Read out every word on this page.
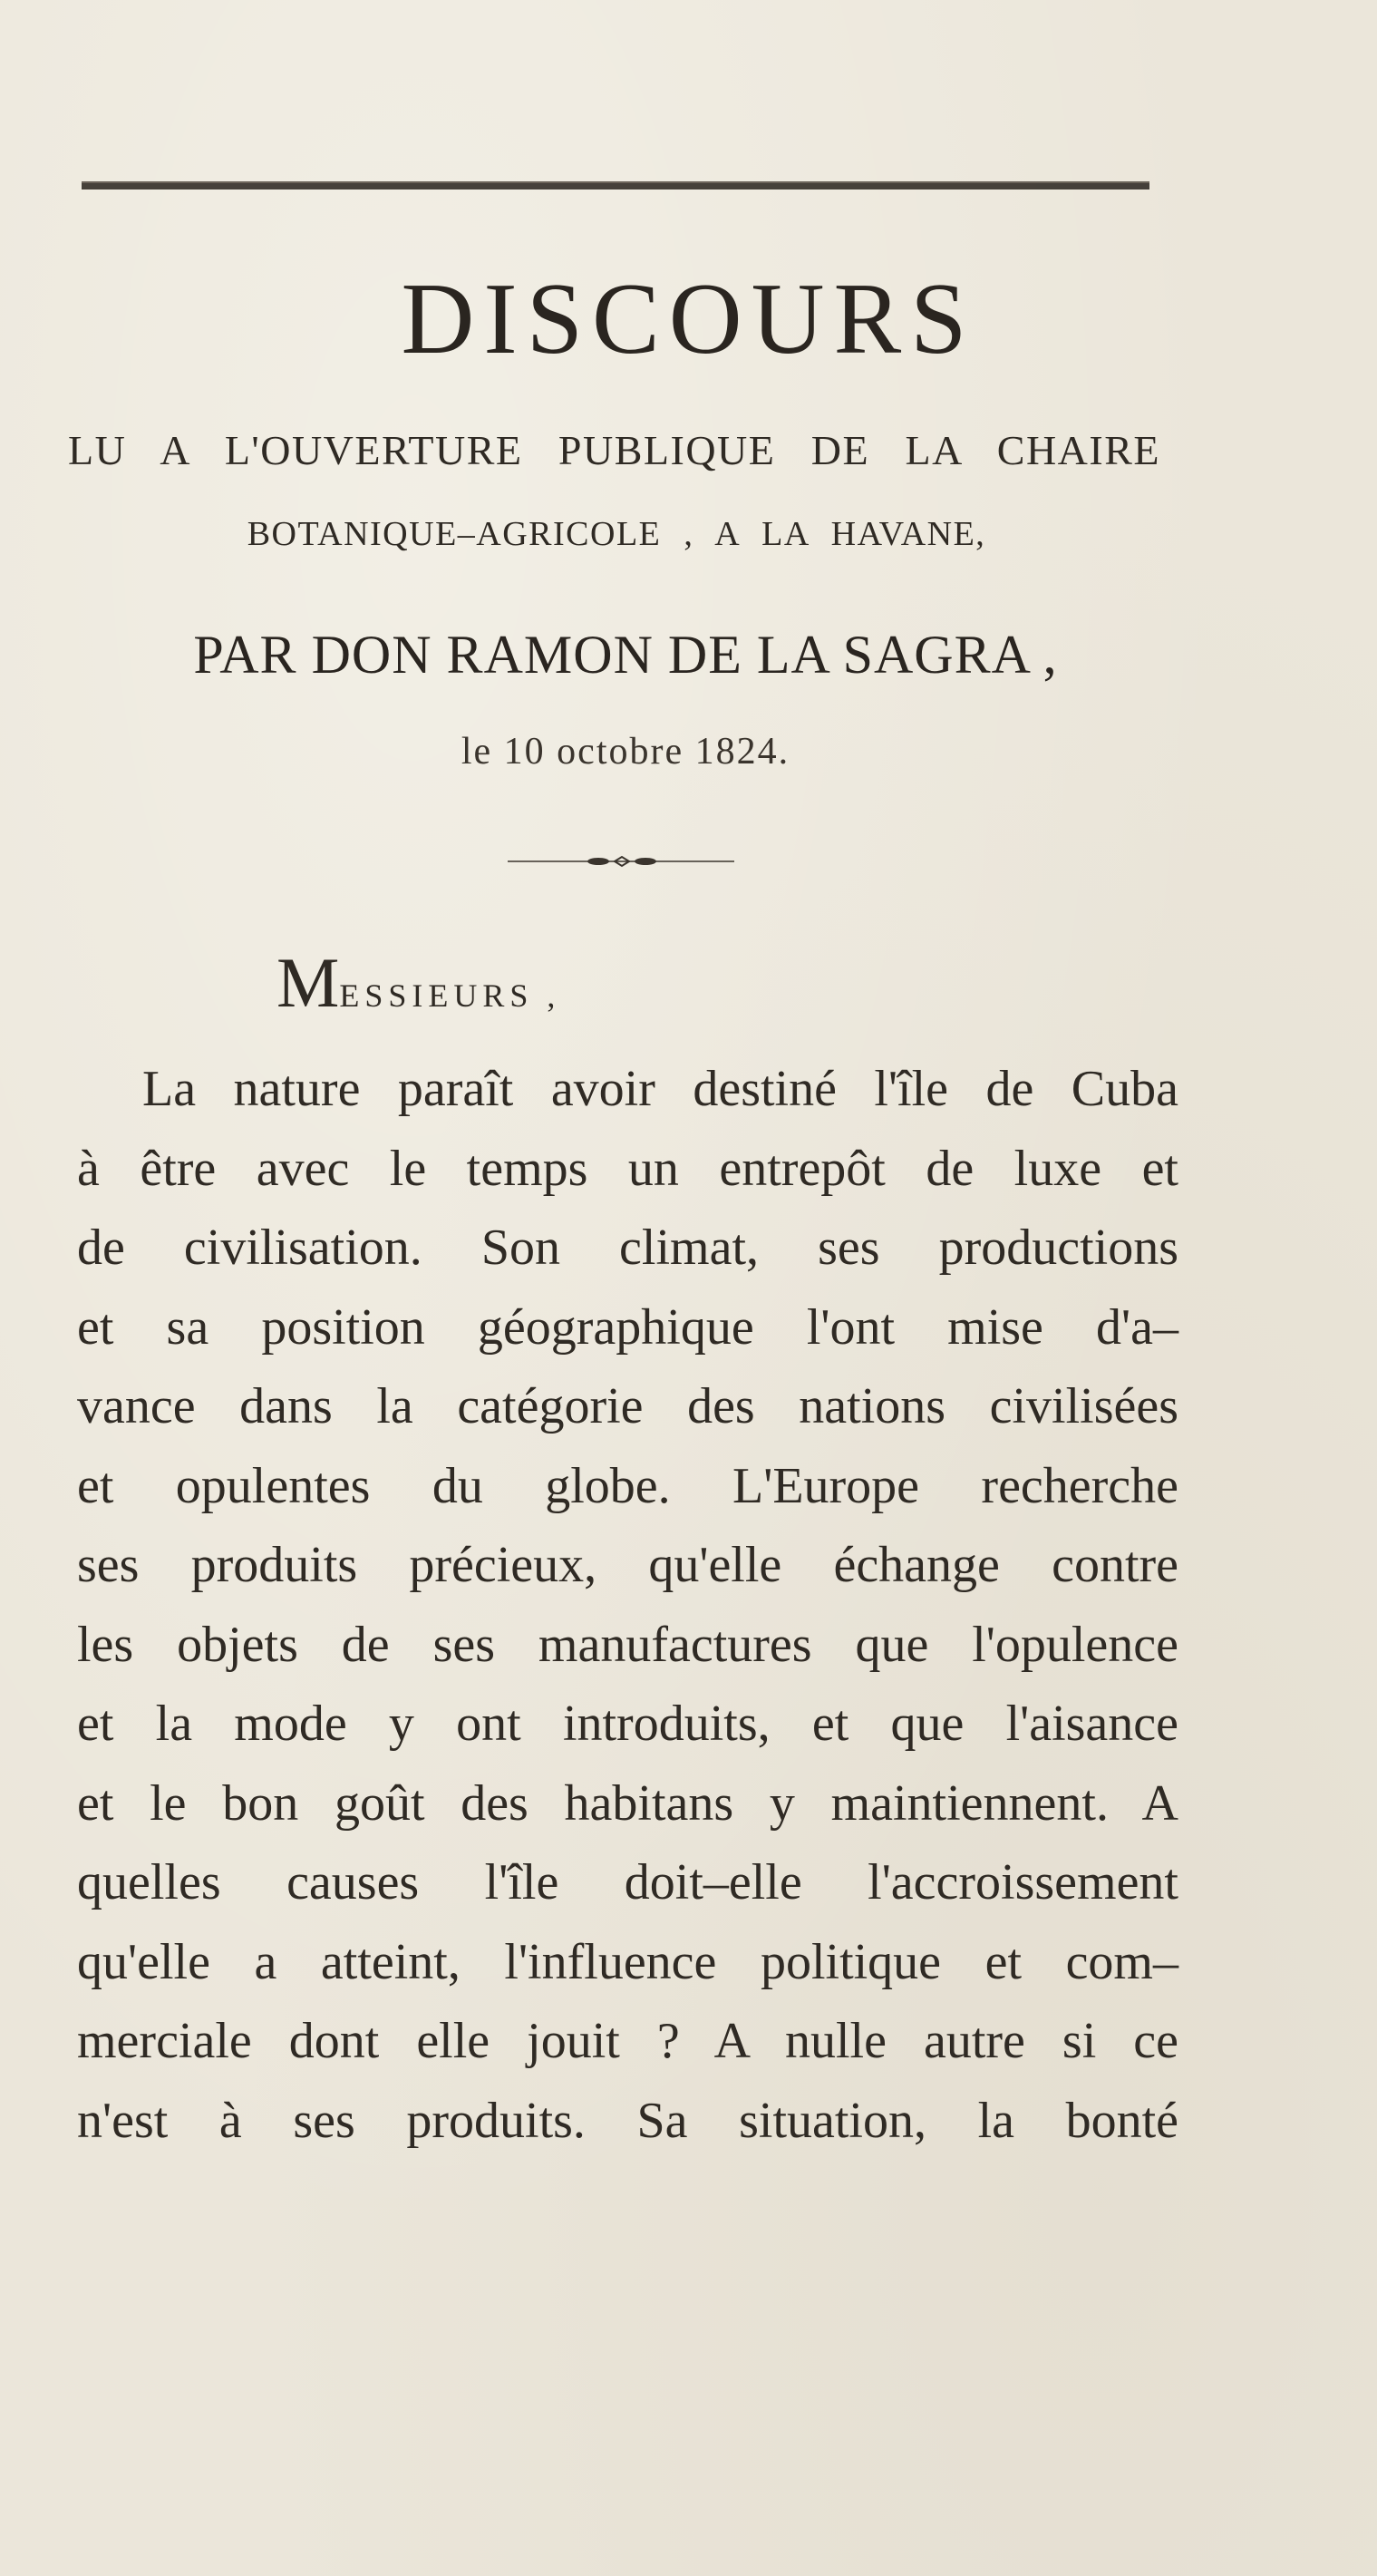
DISCOURS
LU A L'OUVERTURE PUBLIQUE DE LA CHAIRE
BOTANIQUE–AGRICOLE , A LA HAVANE,
PAR DON RAMON DE LA SAGRA ,
le 10 octobre 1824.
MESSIEURS ,
La nature paraît avoir destiné l'île de Cuba
à être avec le temps un entrepôt de luxe et
de civilisation. Son climat, ses productions
et sa position géographique l'ont mise d'a–
vance dans la catégorie des nations civilisées
et opulentes du globe. L'Europe recherche
ses produits précieux, qu'elle échange contre
les objets de ses manufactures que l'opulence
et la mode y ont introduits, et que l'aisance
et le bon goût des habitans y maintiennent. A
quelles causes l'île doit–elle l'accroissement
qu'elle a atteint, l'influence politique et com–
merciale dont elle jouit ? A nulle autre si ce
n'est à ses produits. Sa situation, la bonté
